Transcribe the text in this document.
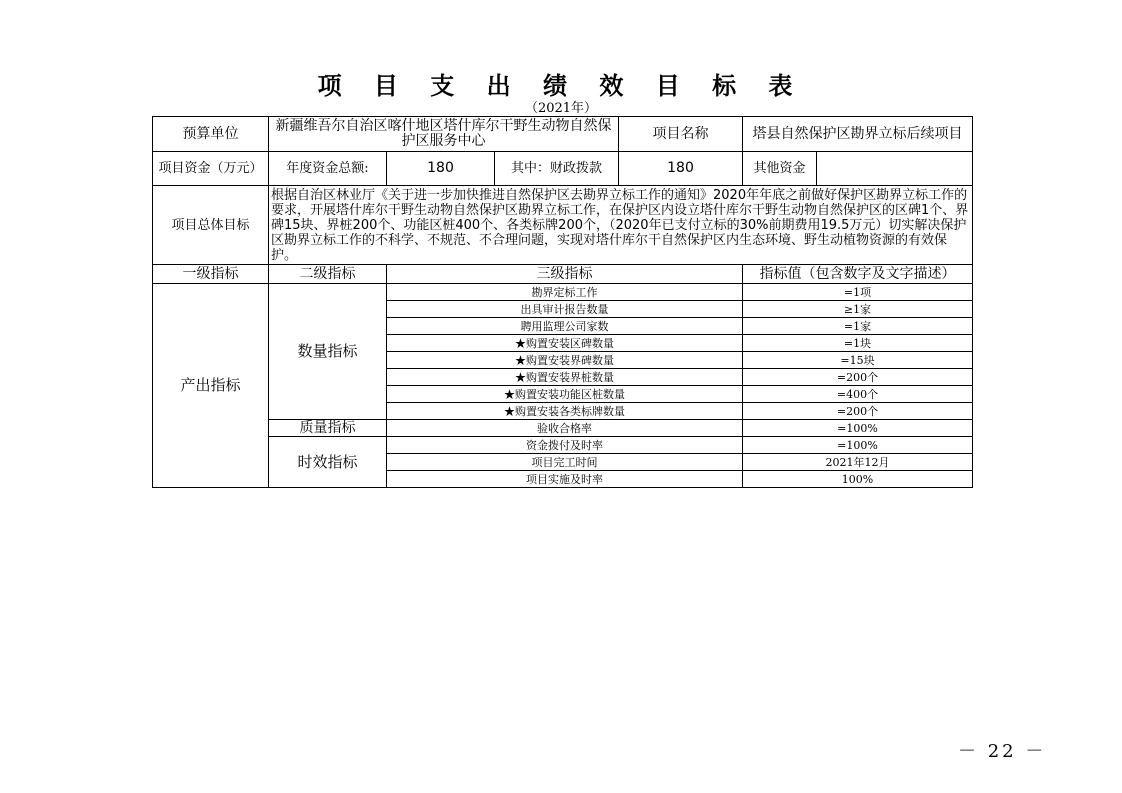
项 目 支 出 绩 效 目 标 表
（2021年）
预算单位	新疆维吾尔自治区喀什地区塔什库尔干野生动物自然保护区服务中心			项目名称	塔县自然保护区勘界立标后续项目	
项目资金（万元）	年度资金总额:	180	其中：财政拨款	180	其他资金	
项目总体目标	根据自治区林业厅《关于进一步加快推进自然保护区去勘界立标工作的通知》2020年年底之前做好保护区勘界立标工作的要求，开展塔什库尔干野生动物自然保护区勘界立标工作，在保护区内设立塔什库尔干野生动物自然保护区的区碑1个、界碑15块、界桩200个、功能区桩400个、各类标牌200个，（2020年已支付立标的30%前期费用19.5万元）切实解决保护区勘界立标工作的不科学、不规范、不合理问题，实现对塔什库尔干自然保护区内生态环境、野生动植物资源的有效保护。					
一级指标	二级指标	三级指标			指标值（包含数字及文字描述）	
产出指标	数量指标	勘界定标工作			=1项	
		出具审计报告数量			≥1家	
		聘用监理公司家数			=1家	
		★购置安装区碑数量			=1块	
		★购置安装界碑数量			=15块	
		★购置安装界桩数量			=200个	
		★购置安装功能区桩数量			=400个	
		★购置安装各类标牌数量			=200个	
	质量指标	验收合格率			=100%	
	时效指标	资金拨付及时率			=100%	
		项目完工时间			2021年12月	
		项目实施及时率			100%	
－ 22 －
